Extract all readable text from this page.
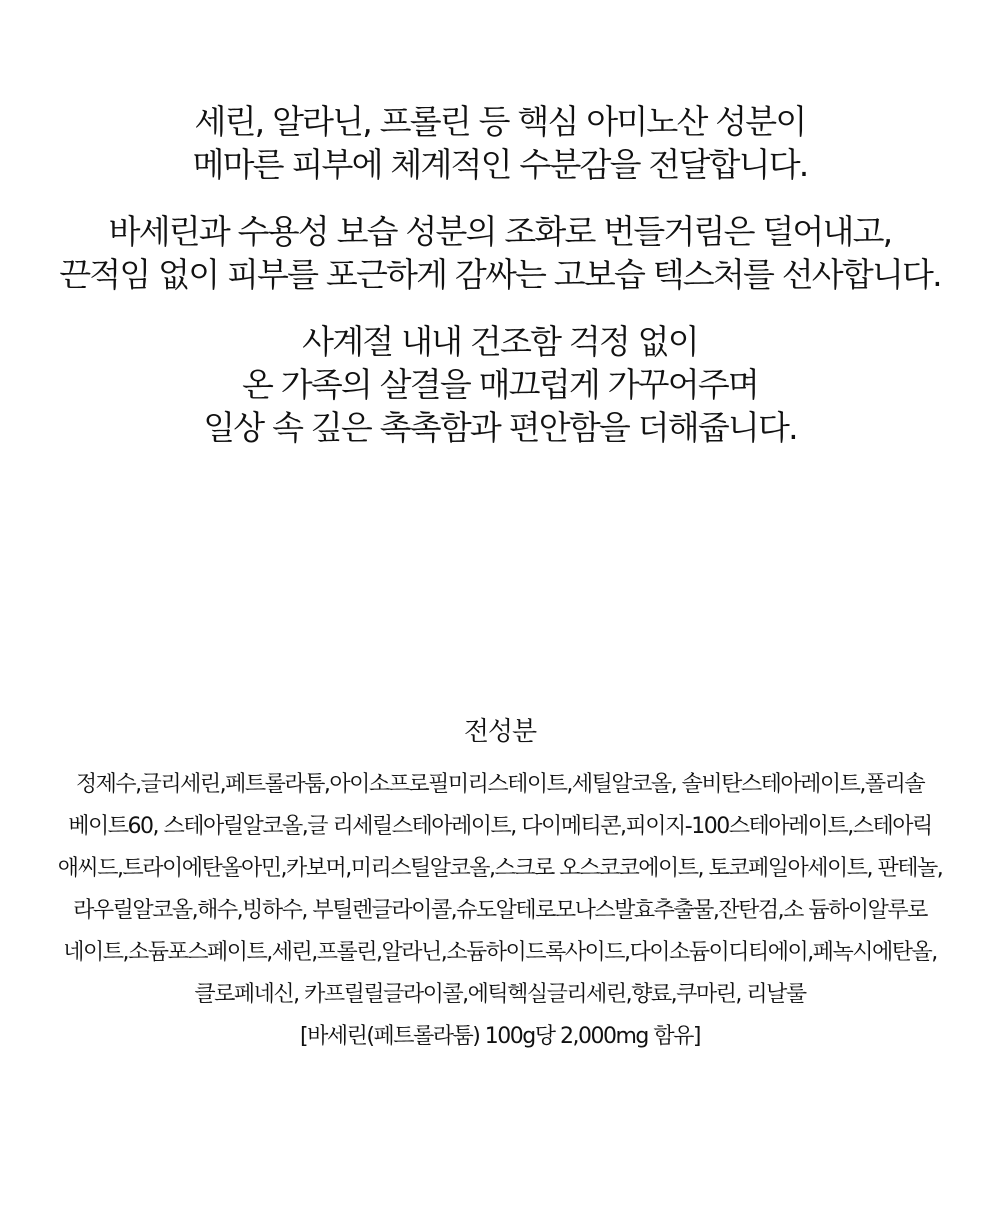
세린, 알라닌, 프롤린 등 핵심 아미노산 성분이
메마른 피부에 체계적인 수분감을 전달합니다.
바세린과 수용성 보습 성분의 조화로 번들거림은 덜어내고,
끈적임 없이 피부를 포근하게 감싸는 고보습 텍스처를 선사합니다.
사계절 내내 건조함 걱정 없이
온 가족의 살결을 매끄럽게 가꾸어주며
일상 속 깊은 촉촉함과 편안함을 더해줍니다.
전성분
정제수,글리세린,페트롤라툼,아이소프로필미리스테이트,세틸알코올, 솔비탄스테아레이트,폴리솔
베이트60, 스테아릴알코올,글 리세릴스테아레이트, 다이메티콘,피이지-100스테아레이트,스테아릭
애씨드,트라이에탄올아민,카보머,미리스틸알코올,스크로 오스코코에이트, 토코페일아세이트, 판테놀,
라우릴알코올,해수,빙하수, 부틸렌글라이콜,슈도알테로모나스발효추출물,잔탄검,소 듐하이알루로
네이트,소듐포스페이트,세린,프롤린,알라닌,소듐하이드록사이드,다이소듐이디티에이,페녹시에탄올,
클로페네신, 카프릴릴글라이콜,에틱헥실글리세린,향료,쿠마린, 리날룰
[바세린(페트롤라툼) 100g당 2,000mg 함유]
